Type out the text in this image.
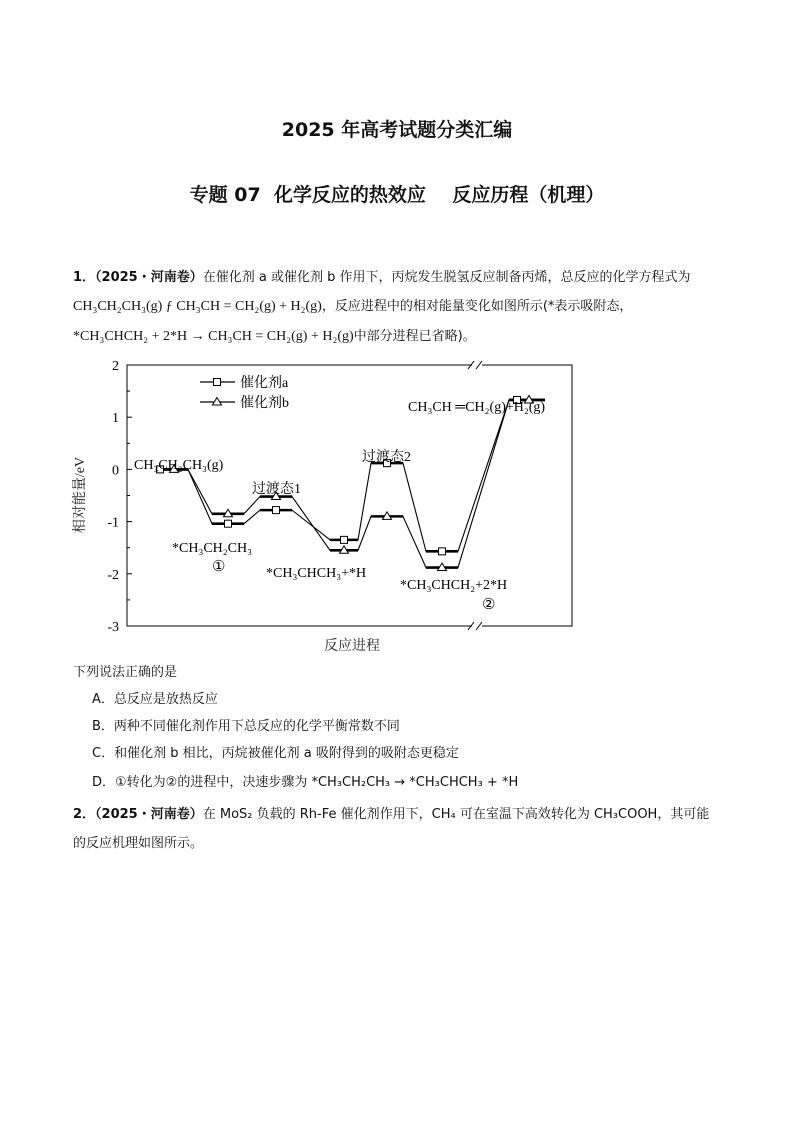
2025 年高考试题分类汇编
专题 07  化学反应的热效应    反应历程（机理）
1．（2025・河南卷）在催化剂 a 或催化剂 b 作用下，丙烷发生脱氢反应制备丙烯，总反应的化学方程式为
CH₃CH₂CH₃(g) ƒ CH₃CH = CH₂(g) + H₂(g)，反应进程中的相对能量变化如图所示(*表示吸附态，
*CH₃CHCH₂ + 2*H → CH₃CH = CH₂(g) + H₂(g)中部分进程已省略)。
-3
-2
-1
0
1
2
相对能量/eV
反应进程
催化剂a
催化剂b
CH₃CH₂CH₃(g)
过渡态1
过渡态2
CH₃CH ═CH₂(g)+H₂(g)
*CH₃CH₂CH₃
①	*CH₃CHCH₃+*H
*CH₃CHCH₂+2*H
②
下列说法正确的是
A．总反应是放热反应
B．两种不同催化剂作用下总反应的化学平衡常数不同
C．和催化剂 b 相比，丙烷被催化剂 a 吸附得到的吸附态更稳定
D．①转化为②的进程中，决速步骤为 *CH₃CH₂CH₃ → *CH₃CHCH₃ + *H
2．（2025・河南卷）在 MoS₂ 负载的 Rh-Fe 催化剂作用下，CH₄ 可在室温下高效转化为 CH₃COOH，其可能
的反应机理如图所示。
